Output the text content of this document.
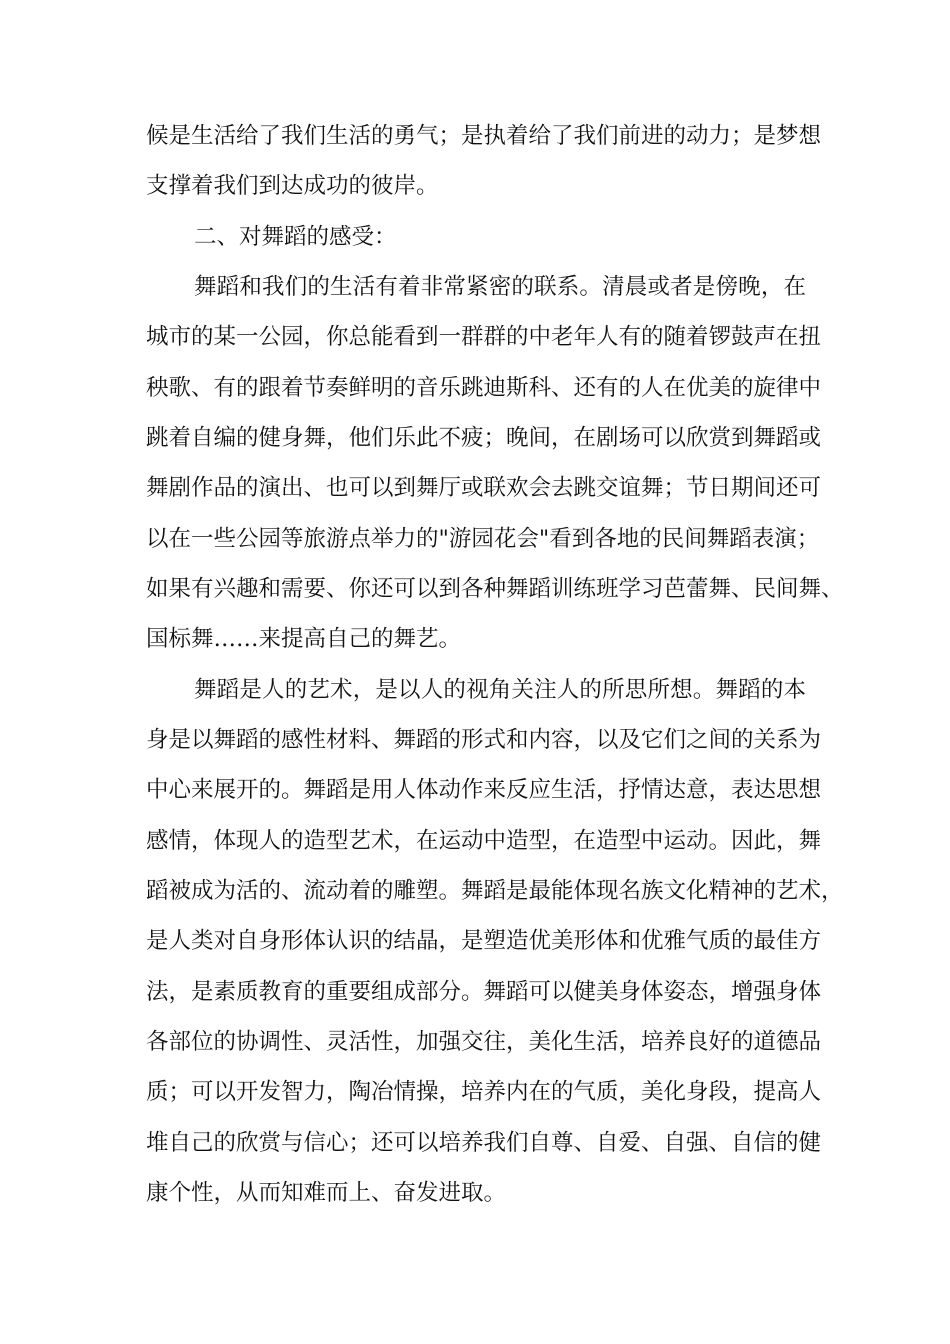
候是生活给了我们生活的勇气；是执着给了我们前进的动力；是梦想
支撑着我们到达成功的彼岸。
二、对舞蹈的感受：
舞蹈和我们的生活有着非常紧密的联系。清晨或者是傍晚，在
城市的某一公园，你总能看到一群群的中老年人有的随着锣鼓声在扭
秧歌、有的跟着节奏鲜明的音乐跳迪斯科、还有的人在优美的旋律中
跳着自编的健身舞，他们乐此不疲；晚间，在剧场可以欣赏到舞蹈或
舞剧作品的演出、也可以到舞厅或联欢会去跳交谊舞；节日期间还可
以在一些公园等旅游点举力的"游园花会"看到各地的民间舞蹈表演；
如果有兴趣和需要、你还可以到各种舞蹈训练班学习芭蕾舞、民间舞、
国标舞……来提高自己的舞艺。
舞蹈是人的艺术，是以人的视角关注人的所思所想。舞蹈的本
身是以舞蹈的感性材料、舞蹈的形式和内容，以及它们之间的关系为
中心来展开的。舞蹈是用人体动作来反应生活，抒情达意，表达思想
感情，体现人的造型艺术，在运动中造型，在造型中运动。因此，舞
蹈被成为活的、流动着的雕塑。舞蹈是最能体现名族文化精神的艺术，
是人类对自身形体认识的结晶，是塑造优美形体和优雅气质的最佳方
法，是素质教育的重要组成部分。舞蹈可以健美身体姿态，增强身体
各部位的协调性、灵活性，加强交往，美化生活，培养良好的道德品
质；可以开发智力，陶冶情操，培养内在的气质，美化身段，提高人
堆自己的欣赏与信心；还可以培养我们自尊、自爱、自强、自信的健
康个性，从而知难而上、奋发进取。
